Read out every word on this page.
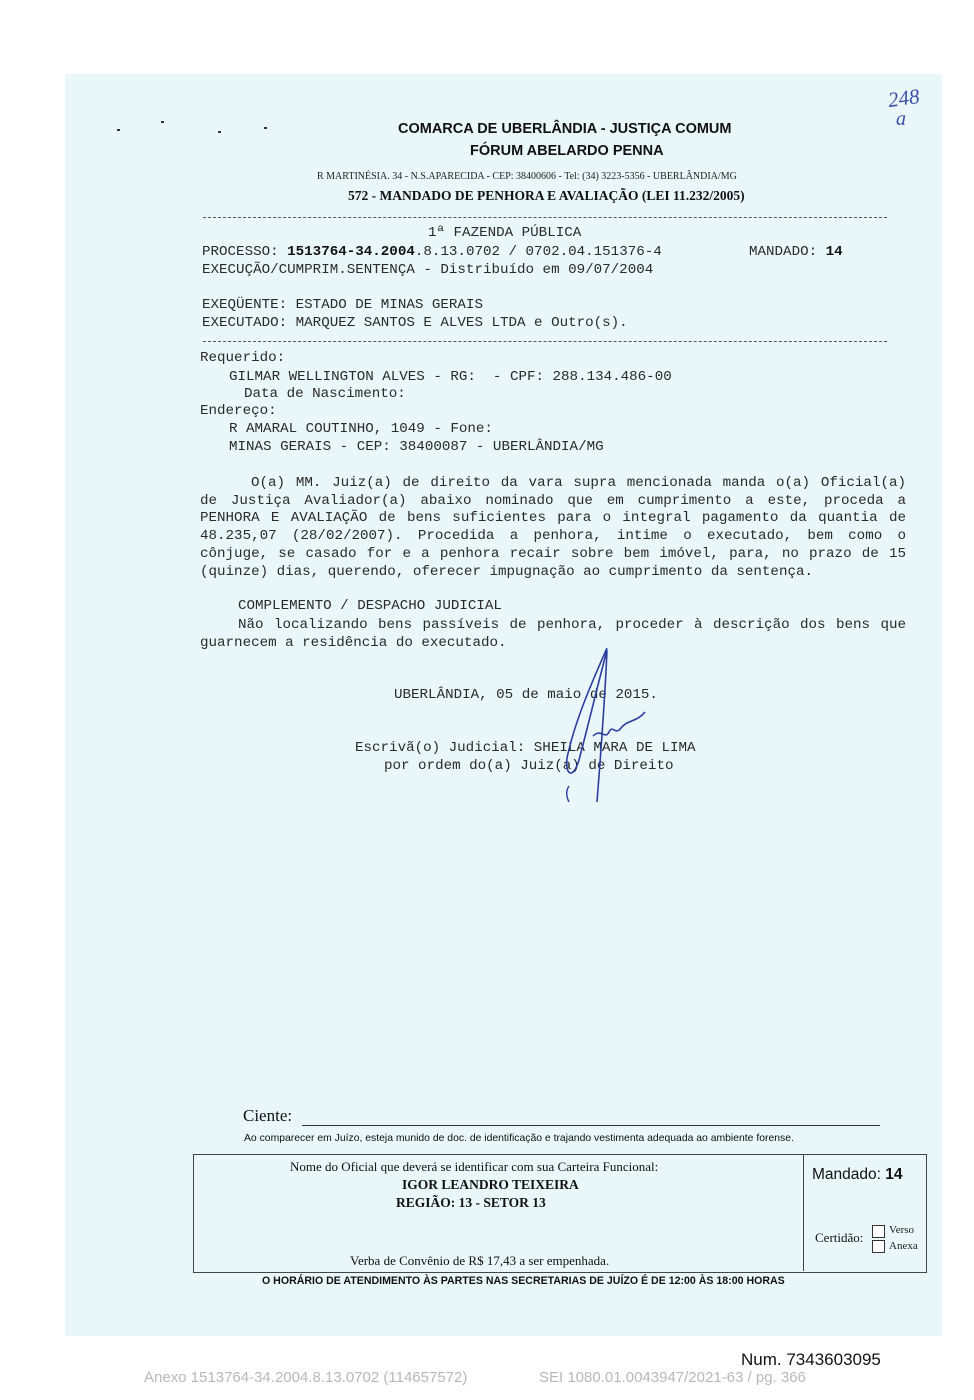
248
a
COMARCA DE UBERLÂNDIA - JUSTIÇA COMUM
FÓRUM ABELARDO PENNA
R MARTINÉSIA. 34 - N.S.APARECIDA - CEP: 38400606 - Tel: (34) 3223-5356 - UBERLÂNDIA/MG
572 - MANDADO DE PENHORA E AVALIAÇÃO (LEI 11.232/2005)
1ª FAZENDA PÚBLICA
PROCESSO: 1513764-34.2004.8.13.0702 / 0702.04.151376-4	MANDADO: 14
EXECUÇÃO/CUMPRIM.SENTENÇA - Distribuído em 09/07/2004
EXEQÜENTE: ESTADO DE MINAS GERAIS
EXECUTADO: MARQUEZ SANTOS E ALVES LTDA e Outro(s).
Requerido:
GILMAR WELLINGTON ALVES - RG:  - CPF: 288.134.486-00
Data de Nascimento:
Endereço:
R AMARAL COUTINHO, 1049 - Fone:
MINAS GERAIS - CEP: 38400087 - UBERLÂNDIA/MG
O(a) MM. Juiz(a) de direito da vara supra mencionada manda o(a) Oficial(a) de Justiça Avaliador(a) abaixo nominado que em cumprimento a este, proceda a PENHORA E AVALIAÇÃO de bens suficientes para o integral pagamento da quantia de 48.235,07 (28/02/2007). Procedida a penhora, intime o executado, bem como o cônjuge, se casado for e a penhora recair sobre bem imóvel, para, no prazo de 15 (quinze) dias, querendo, oferecer impugnação ao cumprimento da sentença.
COMPLEMENTO / DESPACHO JUDICIAL
Não localizando bens passíveis de penhora, proceder à descrição dos bens que guarnecem a residência do executado.
UBERLÂNDIA, 05 de maio de 2015.
Escrivã(o) Judicial: SHEILA MARA DE LIMA
por ordem do(a) Juiz(a) de Direito
Ciente:
Ao comparecer em Juízo, esteja munido de doc. de identificação e trajando vestimenta adequada ao ambiente forense.
Nome do Oficial que deverá se identificar com sua Carteira Funcional:
IGOR LEANDRO TEIXEIRA
REGIÃO: 13 - SETOR 13
Verba de Convênio de R$ 17,43 a ser empenhada.
Mandado: 14
Certidão: Verso
Anexa
O HORÁRIO DE ATENDIMENTO ÀS PARTES NAS SECRETARIAS DE JUÍZO É DE 12:00 ÀS 18:00 HORAS
Num. 7343603095
Anexo 1513764-34.2004.8.13.0702 (114657572)	SEI 1080.01.0043947/2021-63 / pg. 366
